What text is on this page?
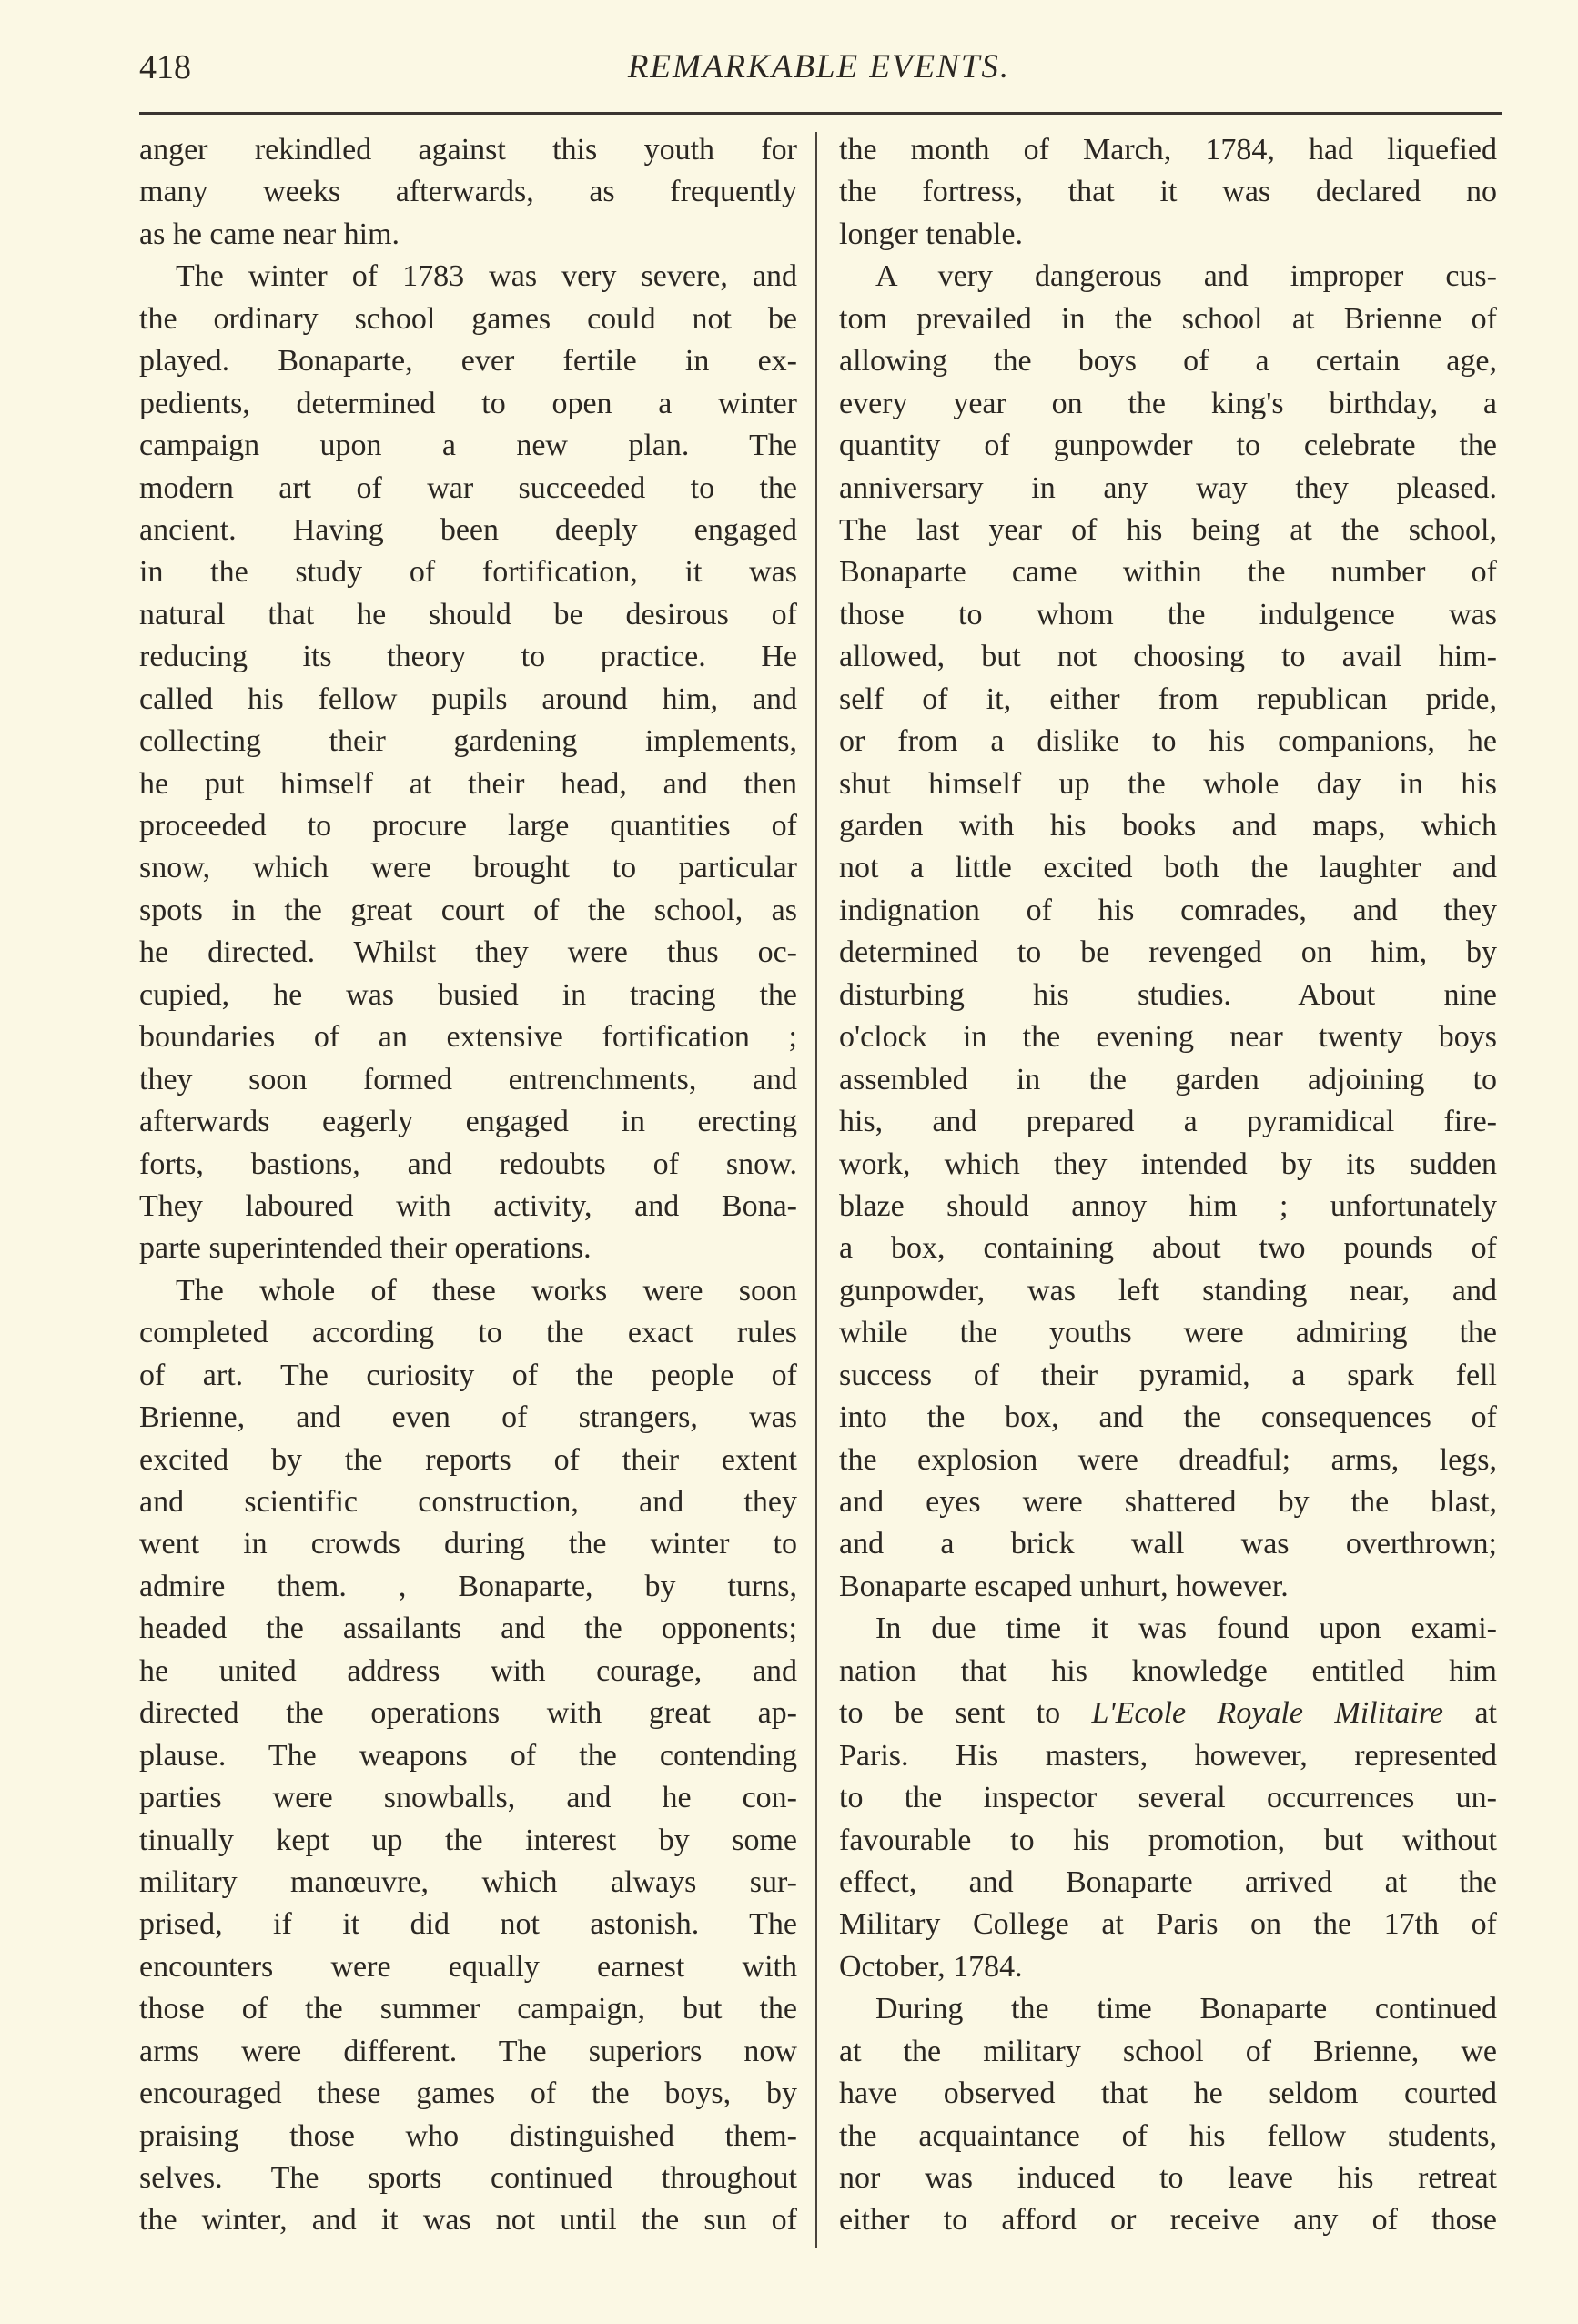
418	REMARKABLE EVENTS.
anger rekindled against this youth for
many weeks afterwards, as frequently
as he came near him.
The winter of 1783 was very severe, and
the ordinary school games could not be
played. Bonaparte, ever fertile in ex-
pedients, determined to open a winter
campaign upon a new plan. The
modern art of war succeeded to the
ancient. Having been deeply engaged
in the study of fortification, it was
natural that he should be desirous of
reducing its theory to practice. He
called his fellow pupils around him, and
collecting their gardening implements,
he put himself at their head, and then
proceeded to procure large quantities of
snow, which were brought to particular
spots in the great court of the school, as
he directed. Whilst they were thus oc-
cupied, he was busied in tracing the
boundaries of an extensive fortification ;
they soon formed entrenchments, and
afterwards eagerly engaged in erecting
forts, bastions, and redoubts of snow.
They laboured with activity, and Bona-
parte superintended their operations.
The whole of these works were soon
completed according to the exact rules
of art. The curiosity of the people of
Brienne, and even of strangers, was
excited by the reports of their extent
and scientific construction, and they
went in crowds during the winter to
admire them. , Bonaparte, by turns,
headed the assailants and the opponents;
he united address with courage, and
directed the operations with great ap-
plause. The weapons of the contending
parties were snowballs, and he con-
tinually kept up the interest by some
military manœuvre, which always sur-
prised, if it did not astonish. The
encounters were equally earnest with
those of the summer campaign, but the
arms were different. The superiors now
encouraged these games of the boys, by
praising those who distinguished them-
selves. The sports continued throughout
the winter, and it was not until the sun of
the month of March, 1784, had liquefied
the fortress, that it was declared no
longer tenable.
A very dangerous and improper cus-
tom prevailed in the school at Brienne of
allowing the boys of a certain age,
every year on the king's birthday, a
quantity of gunpowder to celebrate the
anniversary in any way they pleased.
The last year of his being at the school,
Bonaparte came within the number of
those to whom the indulgence was
allowed, but not choosing to avail him-
self of it, either from republican pride,
or from a dislike to his companions, he
shut himself up the whole day in his
garden with his books and maps, which
not a little excited both the laughter and
indignation of his comrades, and they
determined to be revenged on him, by
disturbing his studies. About nine
o'clock in the evening near twenty boys
assembled in the garden adjoining to
his, and prepared a pyramidical fire-
work, which they intended by its sudden
blaze should annoy him ; unfortunately
a box, containing about two pounds of
gunpowder, was left standing near, and
while the youths were admiring the
success of their pyramid, a spark fell
into the box, and the consequences of
the explosion were dreadful; arms, legs,
and eyes were shattered by the blast,
and a brick wall was overthrown;
Bonaparte escaped unhurt, however.
In due time it was found upon exami-
nation that his knowledge entitled him
to be sent to L'Ecole Royale Militaire at
Paris. His masters, however, represented
to the inspector several occurrences un-
favourable to his promotion, but without
effect, and Bonaparte arrived at the
Military College at Paris on the 17th of
October, 1784.
During the time Bonaparte continued
at the military school of Brienne, we
have observed that he seldom courted
the acquaintance of his fellow students,
nor was induced to leave his retreat
either to afford or receive any of those
